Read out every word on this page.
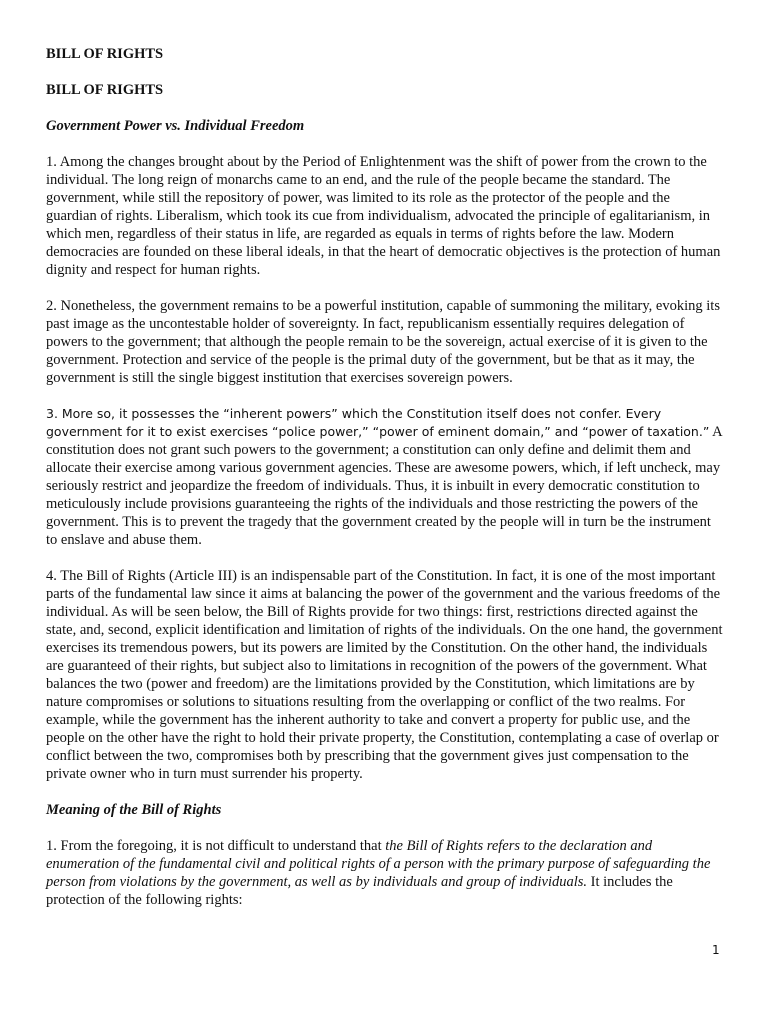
BILL OF RIGHTS
BILL OF RIGHTS
Government Power vs. Individual Freedom

1. Among the changes brought about by the Period of Enlightenment was the shift of power from the crown to the individual. The long reign of monarchs came to an end, and the rule of the people became the standard. The government, while still the repository of power, was limited to its role as the protector of the people and the guardian of rights. Liberalism, which took its cue from individualism, advocated the principle of egalitarianism, in which men, regardless of their status in life, are regarded as equals in terms of rights before the law. Modern democracies are founded on these liberal ideals, in that the heart of democratic objectives is the protection of human dignity and respect for human rights.

2. Nonetheless, the government remains to be a powerful institution, capable of summoning the military, evoking its past image as the uncontestable holder of sovereignty. In fact, republicanism essentially requires delegation of powers to the government; that although the people remain to be the sovereign, actual exercise of it is given to the government. Protection and service of the people is the primal duty of the government, but be that as it may, the government is still the single biggest institution that exercises sovereign powers.

3. More so, it possesses the “inherent powers” which the Constitution itself does not confer. Every government for it to exist exercises “police power,” “power of eminent domain,” and “power of taxation.” A constitution does not grant such powers to the government; a constitution can only define and delimit them and allocate their exercise among various government agencies. These are awesome powers, which, if left uncheck, may seriously restrict and jeopardize the freedom of individuals. Thus, it is inbuilt in every democratic constitution to meticulously include provisions guaranteeing the rights of the individuals and those restricting the powers of the government. This is to prevent the tragedy that the government created by the people will in turn be the instrument to enslave and abuse them.

4. The Bill of Rights (Article III) is an indispensable part of the Constitution. In fact, it is one of the most important parts of the fundamental law since it aims at balancing the power of the government and the various freedoms of the individual. As will be seen below, the Bill of Rights provide for two things: first, restrictions directed against the state, and, second, explicit identification and limitation of rights of the individuals. On the one hand, the government exercises its tremendous powers, but its powers are limited by the Constitution. On the other hand, the individuals are guaranteed of their rights, but subject also to limitations in recognition of the powers of the government. What balances the two (power and freedom) are the limitations provided by the Constitution, which limitations are by nature compromises or solutions to situations resulting from the overlapping or conflict of the two realms. For example, while the government has the inherent authority to take and convert a property for public use, and the people on the other have the right to hold their private property, the Constitution, contemplating a case of overlap or conflict between the two, compromises both by prescribing that the government gives just compensation to the private owner who in turn must surrender his property.

Meaning of the Bill of Rights

1. From the foregoing, it is not difficult to understand that the Bill of Rights refers to the declaration and enumeration of the fundamental civil and political rights of a person with the primary purpose of safeguarding the person from violations by the government, as well as by individuals and group of individuals. It includes the protection of the following rights:

1
